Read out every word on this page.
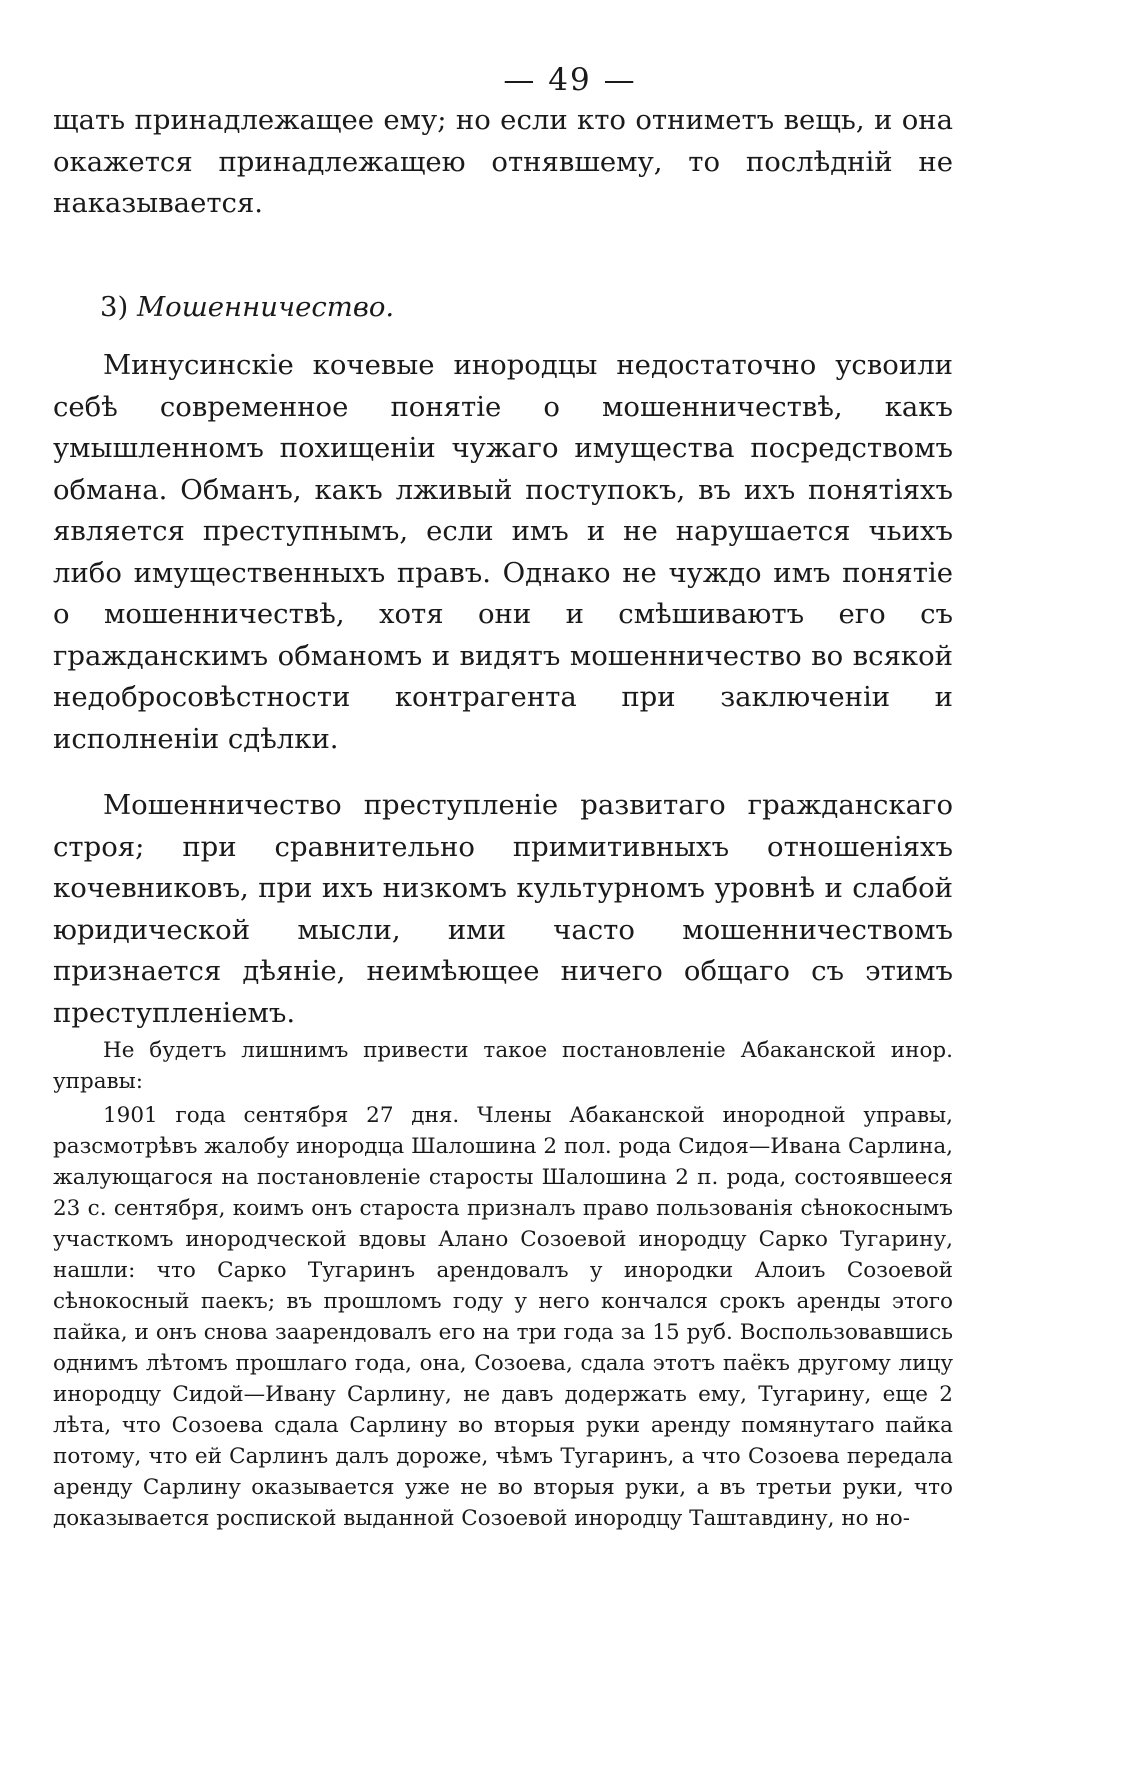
— 49 —

щать принадлежащее ему; но если кто отниметъ вещь, и она окажется принадлежащею отнявшему, то послѣднiй не наказывается.

3) Мошенничество.

Минусинскiе кочевые инородцы недостаточно усвоили себѣ современное понятiе о мошенничествѣ, какъ умышленномъ похищенiи чужаго имущества посредствомъ обмана. Обманъ, какъ лживый поступокъ, въ ихъ понятiяхъ является преступнымъ, если имъ и не нарушается чьихъ либо имущественныхъ правъ. Однако не чуждо имъ понятiе о мошенничествѣ, хотя они и смѣшиваютъ его съ гражданскимъ обманомъ и видятъ мошенничество во всякой недобросовѣстности контрагента при заключенiи и исполненiи сдѣлки.

Мошенничество преступленiе развитаго гражданскаго строя; при сравнительно примитивныхъ отношенiяхъ кочевниковъ, при ихъ низкомъ культурномъ уровнѣ и слабой юридической мысли, ими часто мошенничествомъ признается дѣянiе, неимѣющее ничего общаго съ этимъ преступленiемъ.

Не будетъ лишнимъ привести такое постановленiе Абаканской инор. управы:

1901 года сентября 27 дня. Члены Абаканской инородной управы, разсмотрѣвъ жалобу инородца Шалошина 2 пол. рода Сидоя—Ивана Сарлина, жалующагося на постановленiе старосты Шалошина 2 п. рода, состоявшееся 23 с. сентября, коимъ онъ староста призналъ право пользованiя сѣнокоснымъ участкомъ инородческой вдовы Алано Созоевой инородцу Сарко Тугарину, нашли: что Сарко Тугаринъ арендовалъ у инородки Алоиъ Созоевой сѣнокосный паекъ; въ прошломъ году у него кончался срокъ аренды этого пайка, и онъ снова заарендовалъ его на три года за 15 руб. Воспользовавшись однимъ лѣтомъ прошлаго года, она, Созоева, сдала этотъ паёкъ другому лицу инородцу Сидой—Ивану Сарлину, не давъ додержать ему, Тугарину, еще 2 лѣта, что Созоева сдала Сарлину во вторыя руки аренду помянутаго пайка потому, что ей Сарлинъ далъ дороже, чѣмъ Тугаринъ, а что Созоева передала аренду Сарлину оказывается уже не во вторыя руки, а въ третьи руки, что доказывается роспиской выданной Созоевой инородцу Таштавдину, но но-
